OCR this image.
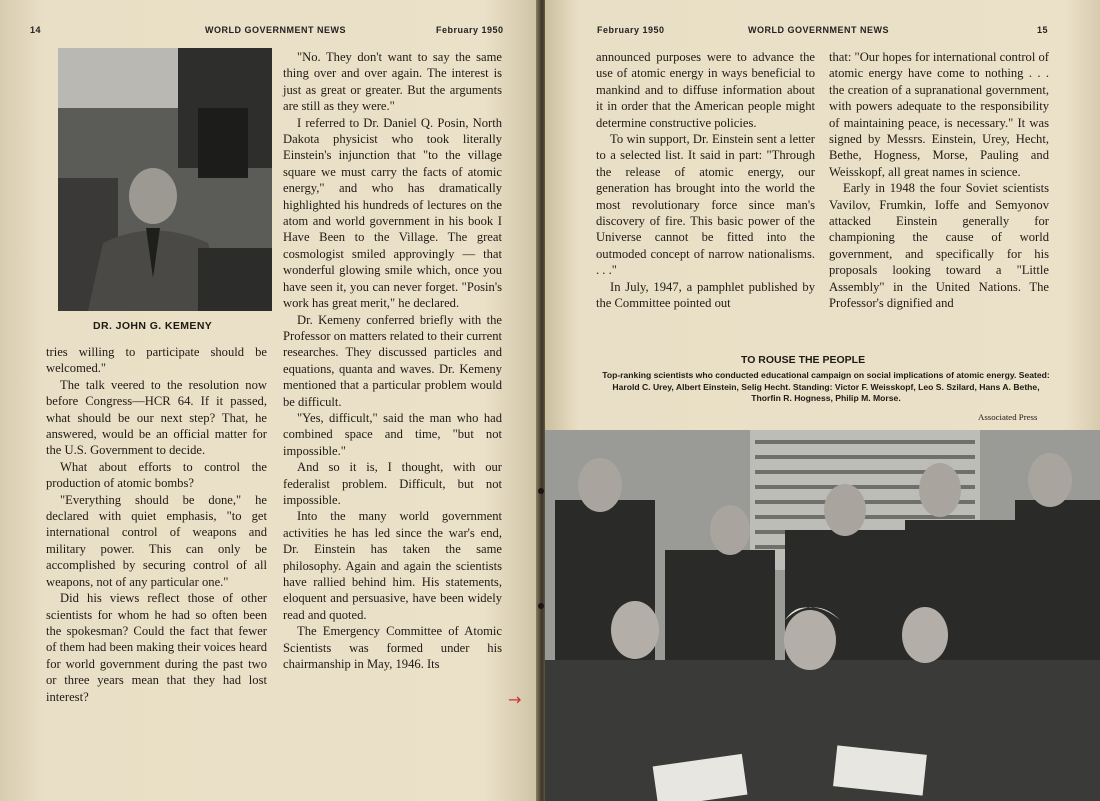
14	WORLD GOVERNMENT NEWS	February 1950
DR. JOHN G. KEMENY

tries willing to participate should be welcomed."

The talk veered to the resolution now before Congress—HCR 64. If it passed, what should be our next step? That, he answered, would be an official matter for the U.S. Government to decide.

What about efforts to control the production of atomic bombs?

"Everything should be done," he declared with quiet emphasis, "to get international control of weapons and military power. This can only be accomplished by securing control of all weapons, not of any particular one."

Did his views reflect those of other scientists for whom he had so often been the spokesman? Could the fact that fewer of them had been making their voices heard for world government during the past two or three years mean that they had lost interest?

"No. They don't want to say the same thing over and over again. The interest is just as great or greater. But the arguments are still as they were."

I referred to Dr. Daniel Q. Posin, North Dakota physicist who took literally Einstein's injunction that "to the village square we must carry the facts of atomic energy," and who has dramatically highlighted his hundreds of lectures on the atom and world government in his book I Have Been to the Village. The great cosmologist smiled approvingly — that wonderful glowing smile which, once you have seen it, you can never forget. "Posin's work has great merit," he declared.

Dr. Kemeny conferred briefly with the Professor on matters related to their current researches. They discussed particles and equations, quanta and waves. Dr. Kemeny mentioned that a particular problem would be difficult.

"Yes, difficult," said the man who had combined space and time, "but not impossible."

And so it is, I thought, with our federalist problem. Difficult, but not impossible.

Into the many world government activities he has led since the war's end, Dr. Einstein has taken the same philosophy. Again and again the scientists have rallied behind him. His statements, eloquent and persuasive, have been widely read and quoted.

The Emergency Committee of Atomic Scientists was formed under his chairmanship in May, 1946. Its

→
February 1950	WORLD GOVERNMENT NEWS	15

announced purposes were to advance the use of atomic energy in ways beneficial to mankind and to diffuse information about it in order that the American people might determine constructive policies.

To win support, Dr. Einstein sent a letter to a selected list. It said in part: "Through the release of atomic energy, our generation has brought into the world the most revolutionary force since man's discovery of fire. This basic power of the Universe cannot be fitted into the outmoded concept of narrow nationalisms. . . ."

In July, 1947, a pamphlet published by the Committee pointed out

that: "Our hopes for international control of atomic energy have come to nothing . . . the creation of a supranational government, with powers adequate to the responsibility of maintaining peace, is necessary." It was signed by Messrs. Einstein, Urey, Hecht, Bethe, Hogness, Morse, Pauling and Weisskopf, all great names in science.

Early in 1948 the four Soviet scientists Vavilov, Frumkin, Ioffe and Semyonov attacked Einstein generally for championing the cause of world government, and specifically for his proposals looking toward a "Little Assembly" in the United Nations. The Professor's dignified and

TO ROUSE THE PEOPLE
Top-ranking scientists who conducted educational campaign on social implications of atomic energy. Seated: Harold C. Urey, Albert Einstein, Selig Hecht. Standing: Victor F. Weisskopf, Leo S. Szilard, Hans A. Bethe, Thorfin R. Hogness, Philip M. Morse.
Associated Press
